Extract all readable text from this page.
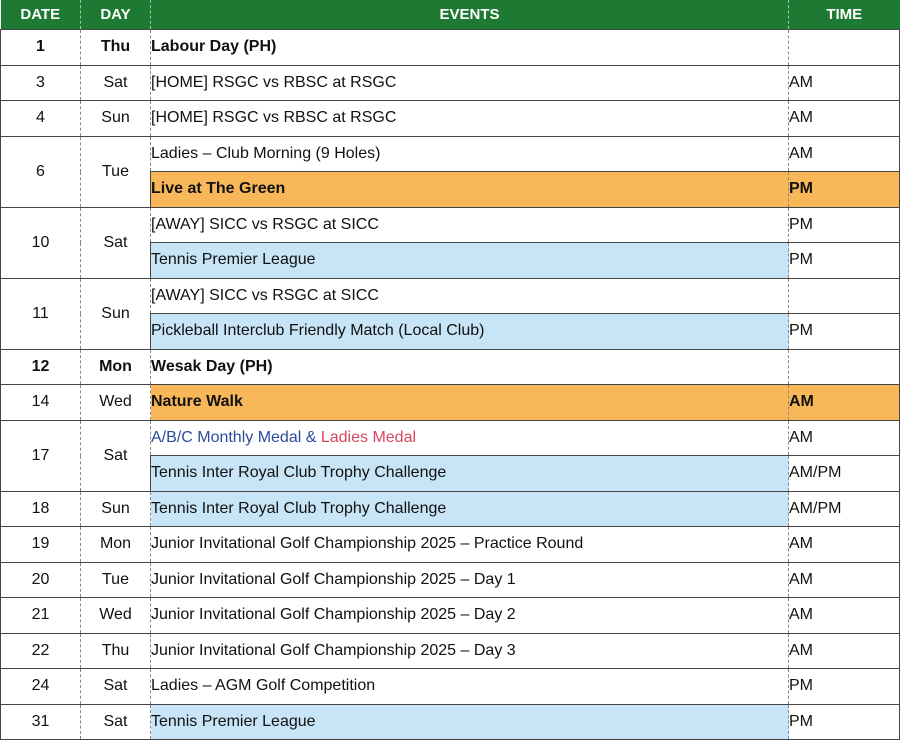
DATE	DAY	EVENTS	TIME
1	Thu	Labour Day (PH)	
3	Sat	[HOME] RSGC vs RBSC at RSGC	AM
4	Sun	[HOME] RSGC vs RBSC at RSGC	AM
6	Tue	Ladies – Club Morning (9 Holes)	AM
		Live at The Green	PM
10	Sat	[AWAY] SICC vs RSGC at SICC	PM
		Tennis Premier League	PM
11	Sun	[AWAY] SICC vs RSGC at SICC	
		Pickleball Interclub Friendly Match (Local Club)	PM
12	Mon	Wesak Day (PH)	
14	Wed	Nature Walk	AM
17	Sat	A/B/C Monthly Medal & Ladies Medal	AM
		Tennis Inter Royal Club Trophy Challenge	AM/PM
18	Sun	Tennis Inter Royal Club Trophy Challenge	AM/PM
19	Mon	Junior Invitational Golf Championship 2025 – Practice Round	AM
20	Tue	Junior Invitational Golf Championship 2025 – Day 1	AM
21	Wed	Junior Invitational Golf Championship 2025 – Day 2	AM
22	Thu	Junior Invitational Golf Championship 2025 – Day 3	AM
24	Sat	Ladies – AGM Golf Competition	PM
31	Sat	Tennis Premier League	PM
